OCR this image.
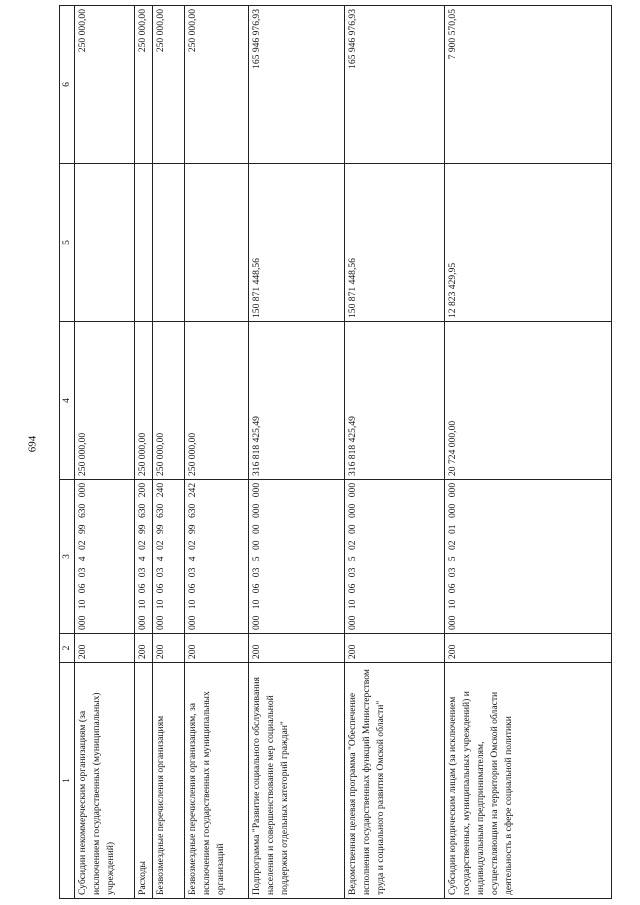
694
1	2	3	4	5	6
Субсидии некоммерческим организациям (за исключением государственных (муниципальных) учреждений)	200	000 10 06 03 4 02 99 630 000	250 000,00		250 000,00
Расходы	200	000 10 06 03 4 02 99 630 200	250 000,00		250 000,00
Безвозмездные перечисления организациям	200	000 10 06 03 4 02 99 630 240	250 000,00		250 000,00
Безвозмездные перечисления организациям, за исключением государственных и муниципальных организаций	200	000 10 06 03 4 02 99 630 242	250 000,00		250 000,00
Подпрограмма "Развитие социального обслуживания населения и совершенствование мер социальной поддержки отдельных категорий граждан"	200	000 10 06 03 5 00 00 000 000	316 818 425,49	150 871 448,56	165 946 976,93
Ведомственная целевая программа "Обеспечение исполнения государственных функций Министерством труда и социального развития Омской области"	200	000 10 06 03 5 02 00 000 000	316 818 425,49	150 871 448,56	165 946 976,93
Субсидии юридическим лицам (за исключением государственных, муниципальных учреждений) и индивидуальным предпринимателям, осуществляющим на территории Омской области деятельность в сфере социальной политики	200	000 10 06 03 5 02 01 000 000	20 724 000,00	12 823 429,95	7 900 570,05
